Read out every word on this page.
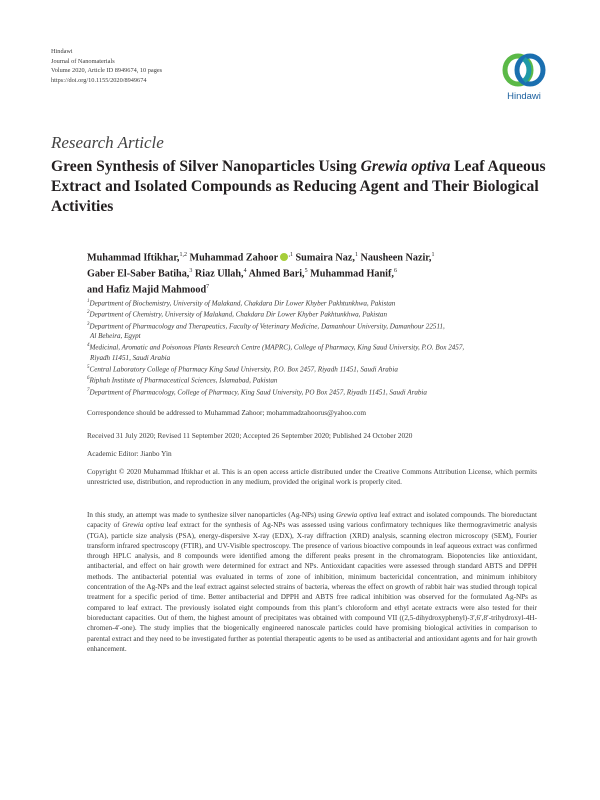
Hindawi
Journal of Nanomaterials
Volume 2020, Article ID 8949674, 10 pages
https://doi.org/10.1155/2020/8949674
Hindawi
Research Article
Green Synthesis of Silver Nanoparticles Using Grewia optiva Leaf Aqueous Extract and Isolated Compounds as Reducing Agent and Their Biological Activities
Muhammad Iftikhar,$^{1,2}$ Muhammad Zahoor $^{,1}$ Sumaira Naz,$^1$ Nausheen Nazir,$^1$
Gaber El-Saber Batiha,$^3$ Riaz Ullah,$^4$ Ahmed Bari,$^5$ Muhammad Hanif,$^6$
and Hafiz Majid Mahmood$^7$
$^1$Department of Biochemistry, University of Malakand, Chakdara Dir Lower Khyber Pakhtunkhwa, Pakistan
$^2$Department of Chemistry, University of Malakand, Chakdara Dir Lower Khyber Pakhtunkhwa, Pakistan
$^3$Department of Pharmacology and Therapeutics, Faculty of Veterinary Medicine, Damanhour University, Damanhour 22511,
Al Beheira, Egypt
$^4$Medicinal, Aromatic and Poisonous Plants Research Centre (MAPRC), College of Pharmacy, King Saud University, P.O. Box 2457,
Riyadh 11451, Saudi Arabia
$^5$Central Laboratory College of Pharmacy King Saud University, P.O. Box 2457, Riyadh 11451, Saudi Arabia
$^6$Riphah Institute of Pharmaceutical Sciences, Islamabad, Pakistan
$^7$Department of Pharmacology, College of Pharmacy, King Saud University, PO Box 2457, Riyadh 11451, Saudi Arabia
Correspondence should be addressed to Muhammad Zahoor; mohammadzahoorus@yahoo.com
Received 31 July 2020; Revised 11 September 2020; Accepted 26 September 2020; Published 24 October 2020
Academic Editor: Jianbo Yin
Copyright © 2020 Muhammad Iftikhar et al. This is an open access article distributed under the Creative Commons Attribution License, which permits unrestricted use, distribution, and reproduction in any medium, provided the original work is properly cited.
In this study, an attempt was made to synthesize silver nanoparticles (Ag-NPs) using Grewia optiva leaf extract and isolated compounds. The bioreductant capacity of Grewia optiva leaf extract for the synthesis of Ag-NPs was assessed using various confirmatory techniques like thermogravimetric analysis (TGA), particle size analysis (PSA), energy-dispersive X-ray (EDX), X-ray diffraction (XRD) analysis, scanning electron microscopy (SEM), Fourier transform infrared spectroscopy (FTIR), and UV-Visible spectroscopy. The presence of various bioactive compounds in leaf aqueous extract was confirmed through HPLC analysis, and 8 compounds were identified among the different peaks present in the chromatogram. Biopotencies like antioxidant, antibacterial, and effect on hair growth were determined for extract and NPs. Antioxidant capacities were assessed through standard ABTS and DPPH methods. The antibacterial potential was evaluated in terms of zone of inhibition, minimum bactericidal concentration, and minimum inhibitory concentration of the Ag-NPs and the leaf extract against selected strains of bacteria, whereas the effect on growth of rabbit hair was studied through topical treatment for a specific period of time. Better antibacterial and DPPH and ABTS free radical inhibition was observed for the formulated Ag-NPs as compared to leaf extract. The previously isolated eight compounds from this plant’s chloroform and ethyl acetate extracts were also tested for their bioreductant capacities. Out of them, the highest amount of precipitates was obtained with compound VII ((2,5-dihydroxyphenyl)-3′,6′,8′-trihydroxyl-4H-chromen-4′-one). The study implies that the biogenically engineered nanoscale particles could have promising biological activities in comparison to parental extract and they need to be investigated further as potential therapeutic agents to be used as antibacterial and antioxidant agents and for hair growth enhancement.
